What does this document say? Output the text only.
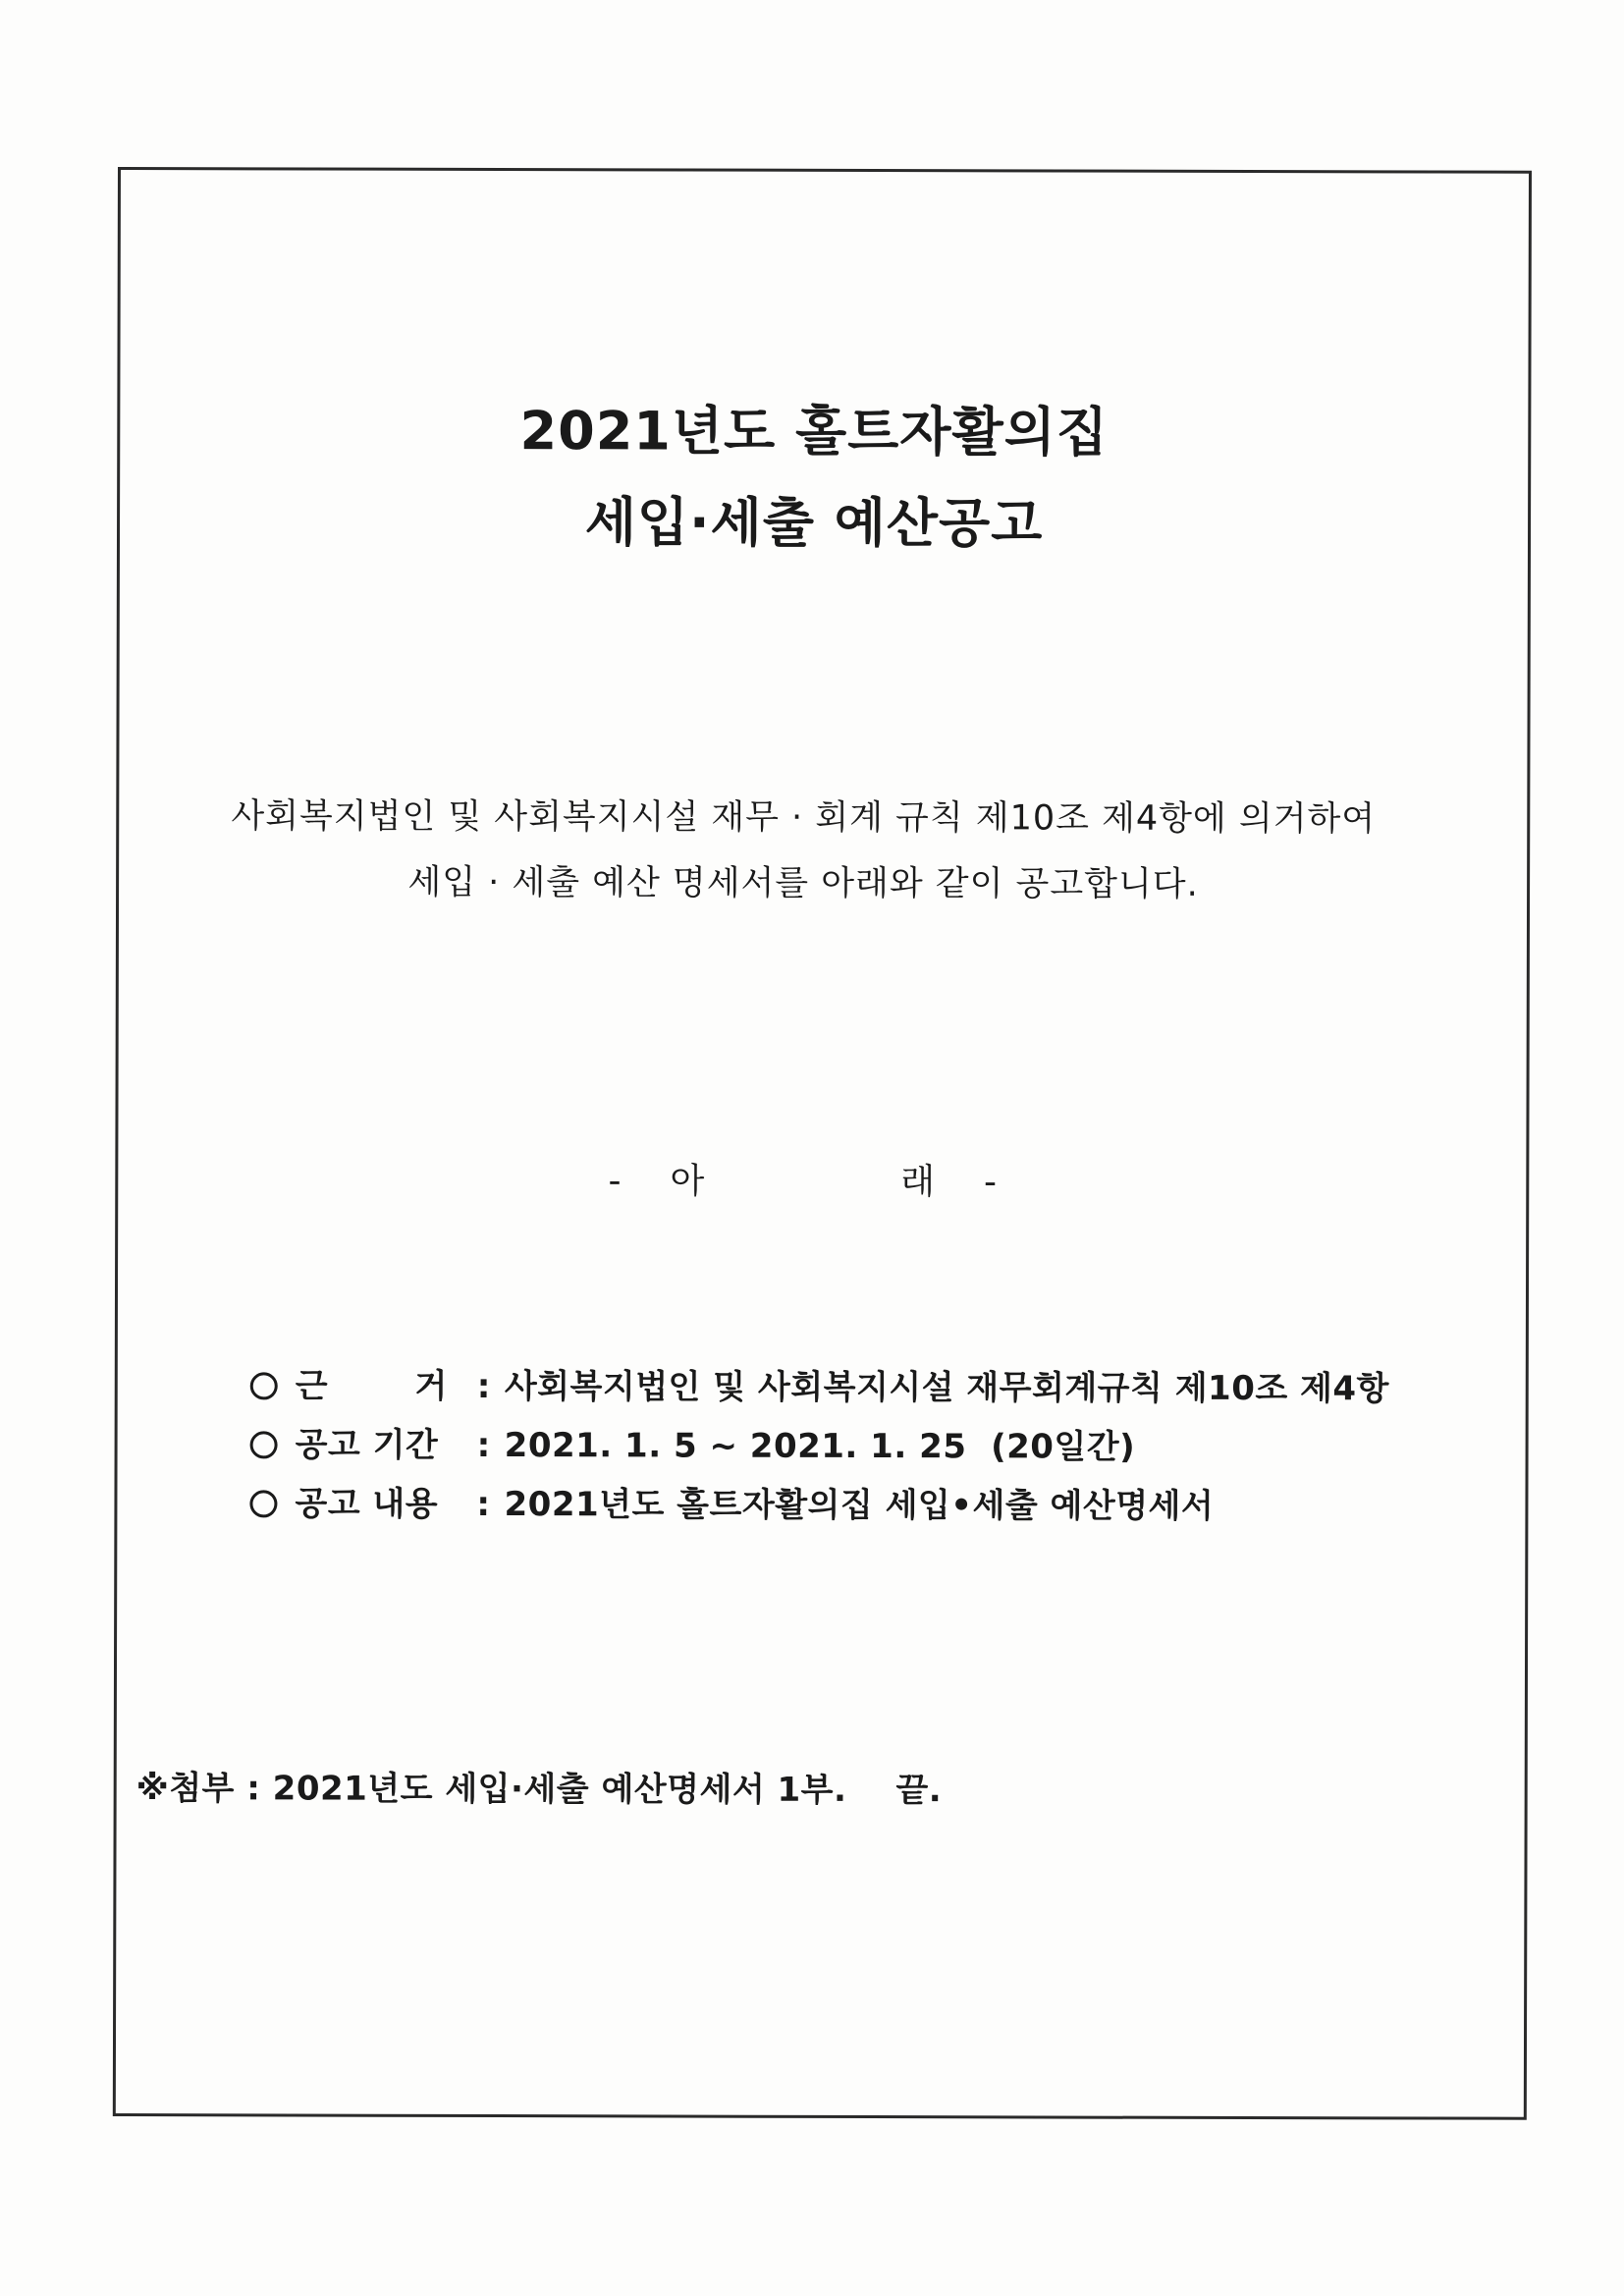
2021년도 홀트자활의집
세입·세출 예산공고
사회복지법인 및 사회복지시설 재무 · 회계 규칙 제10조 제4항에 의거하여
세입 · 세출 예산 명세서를 아래와 같이 공고합니다.
- 아	래 -
근	거 : 사회복지법인 및 사회복지시설 재무회계규칙 제10조 제4항
공고 기간 : 2021. 1. 5 ~ 2021. 1. 25  (20일간)
공고 내용 : 2021년도 홀트자활의집 세입•세출 예산명세서
※첨부 : 2021년도 세입·세출 예산명세서 1부. 끝.
